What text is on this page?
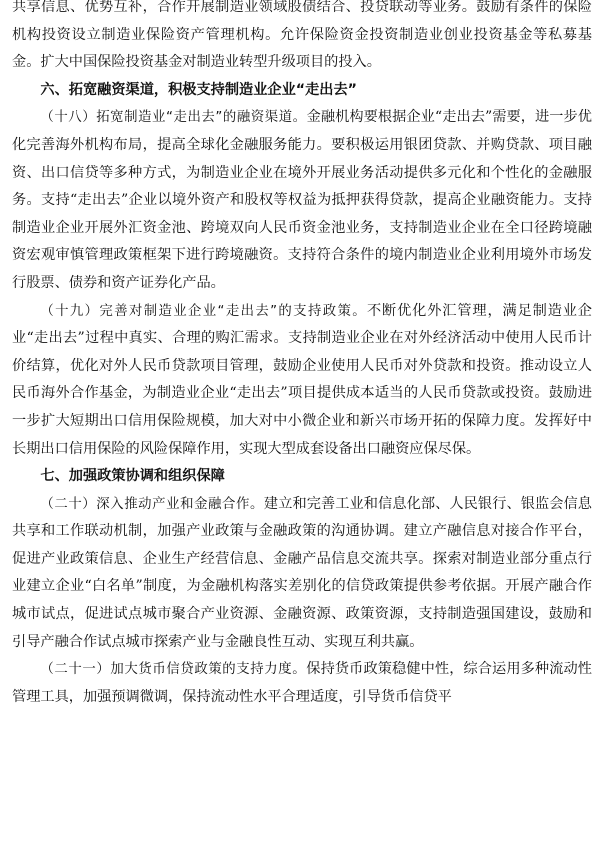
共享信息、优势互补，合作开展制造业领域股债结合、投贷联动等业务。鼓励有条件的保险机构投资设立制造业保险资产管理机构。允许保险资金投资制造业创业投资基金等私募基金。扩大中国保险投资基金对制造业转型升级项目的投入。

六、拓宽融资渠道，积极支持制造业企业“走出去”

（十八）拓宽制造业“走出去”的融资渠道。金融机构要根据企业“走出去”需要，进一步优化完善海外机构布局，提高全球化金融服务能力。要积极运用银团贷款、并购贷款、项目融资、出口信贷等多种方式，为制造业企业在境外开展业务活动提供多元化和个性化的金融服务。支持“走出去”企业以境外资产和股权等权益为抵押获得贷款，提高企业融资能力。支持制造业企业开展外汇资金池、跨境双向人民币资金池业务，支持制造业企业在全口径跨境融资宏观审慎管理政策框架下进行跨境融资。支持符合条件的境内制造业企业利用境外市场发行股票、债券和资产证券化产品。

（十九）完善对制造业企业“走出去”的支持政策。不断优化外汇管理，满足制造业企业“走出去”过程中真实、合理的购汇需求。支持制造业企业在对外经济活动中使用人民币计价结算，优化对外人民币贷款项目管理，鼓励企业使用人民币对外贷款和投资。推动设立人民币海外合作基金，为制造业企业“走出去”项目提供成本适当的人民币贷款或投资。鼓励进一步扩大短期出口信用保险规模，加大对中小微企业和新兴市场开拓的保障力度。发挥好中长期出口信用保险的风险保障作用，实现大型成套设备出口融资应保尽保。

七、加强政策协调和组织保障

（二十）深入推动产业和金融合作。建立和完善工业和信息化部、人民银行、银监会信息共享和工作联动机制，加强产业政策与金融政策的沟通协调。建立产融信息对接合作平台，促进产业政策信息、企业生产经营信息、金融产品信息交流共享。探索对制造业部分重点行业建立企业“白名单”制度，为金融机构落实差别化的信贷政策提供参考依据。开展产融合作城市试点，促进试点城市聚合产业资源、金融资源、政策资源，支持制造强国建设，鼓励和引导产融合作试点城市探索产业与金融良性互动、实现互利共赢。

（二十一）加大货币信贷政策的支持力度。保持货币政策稳健中性，综合运用多种流动性管理工具，加强预调微调，保持流动性水平合理适度，引导货币信贷平
